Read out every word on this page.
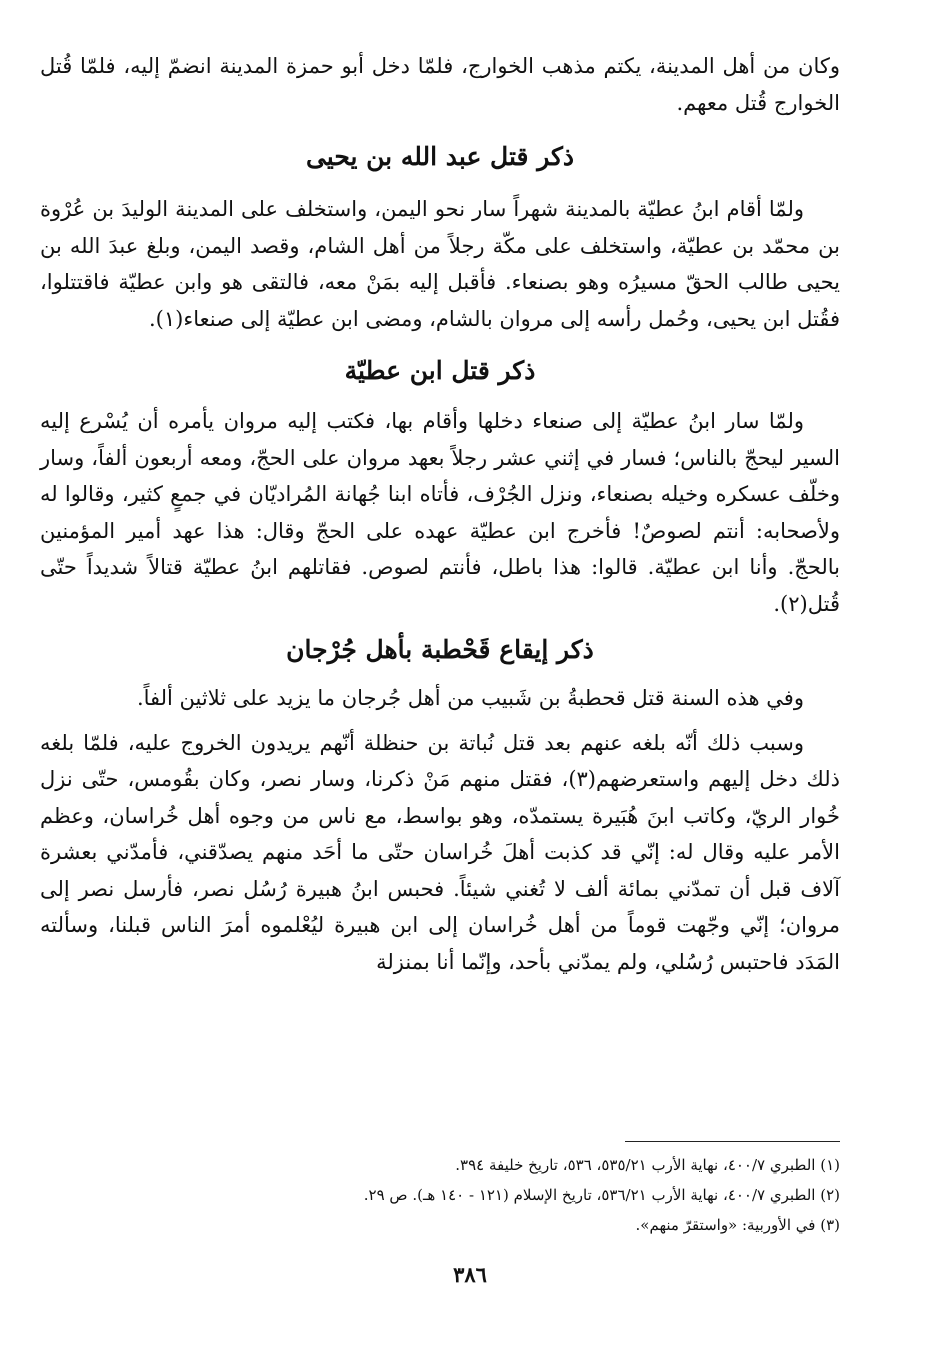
وكان من أهل المدينة، يكتم مذهب الخوارج، فلمّا دخل أبو حمزة المدينة انضمّ إليه، فلمّا قُتل الخوارج قُتل معهم.

ذكر قتل عبد الله بن يحيى

ولمّا أقام ابنُ عطيّة بالمدينة شهراً سار نحو اليمن، واستخلف على المدينة الوليدَ بن عُرْوة بن محمّد بن عطيّة، واستخلف على مكّة رجلاً من أهل الشام، وقصد اليمن، وبلغ عبدَ الله بن يحيى طالب الحقّ مسيرُه وهو بصنعاء. فأقبل إليه بمَنْ معه، فالتقى هو وابن عطيّة فاقتتلوا، فقُتل ابن يحيى، وحُمل رأسه إلى مروان بالشام، ومضى ابن عطيّة إلى صنعاء(١).

ذكر قتل ابن عطيّة

ولمّا سار ابنُ عطيّة إلى صنعاء دخلها وأقام بها، فكتب إليه مروان يأمره أن يُسْرع إليه السير ليحجّ بالناس؛ فسار في إثني عشر رجلاً بعهد مروان على الحجّ، ومعه أربعون ألفاً، وسار وخلّف عسكره وخيله بصنعاء، ونزل الجُرْف، فأتاه ابنا جُهانة المُراديّان في جمعٍ كثير، وقالوا له ولأصحابه: أنتم لصوصٌ! فأخرج ابن عطيّة عهده على الحجّ وقال: هذا عهد أمير المؤمنين بالحجّ. وأنا ابن عطيّة. قالوا: هذا باطل، فأنتم لصوص. فقاتلهم ابنُ عطيّة قتالاً شديداً حتّى قُتل(٢).

ذكر إيقاع قَحْطبة بأهل جُرْجان

وفي هذه السنة قتل قحطبةُ بن شَبيب من أهل جُرجان ما يزيد على ثلاثين ألفاً.

وسبب ذلك أنّه بلغه عنهم بعد قتل نُباتة بن حنظلة أنّهم يريدون الخروج عليه، فلمّا بلغه ذلك دخل إليهم واستعرضهم(٣)، فقتل منهم مَنْ ذكرنا، وسار نصر، وكان بقُومس، حتّى نزل خُوار الريّ، وكاتب ابنَ هُبَيرة يستمدّه، وهو بواسط، مع ناس من وجوه أهل خُراسان، وعظم الأمر عليه وقال له: إنّي قد كذبت أهلَ خُراسان حتّى ما أحَد منهم يصدّقني، فأمدّني بعشرة آلاف قبل أن تمدّني بمائة ألف لا تُغني شيئاً. فحبس ابنُ هبيرة رُسُل نصر، فأرسل نصر إلى مروان؛ إنّي وجّهت قوماً من أهل خُراسان إلى ابن هبيرة ليُعْلموه أمرَ الناس قبلنا، وسألته المَدَد فاحتبس رُسُلي، ولم يمدّني بأحد، وإنّما أنا بمنزلة

(١) الطبري ٤٠٠/٧، نهاية الأرب ٥٣٥/٢١، ٥٣٦، تاريخ خليفة ٣٩٤.

(٢) الطبري ٤٠٠/٧، نهاية الأرب ٥٣٦/٢١، تاريخ الإسلام (١٢١ - ١٤٠ هـ). ص ٢٩.

(٣) في الأوربية: «واستقرّ منهم».

٣٨٦
